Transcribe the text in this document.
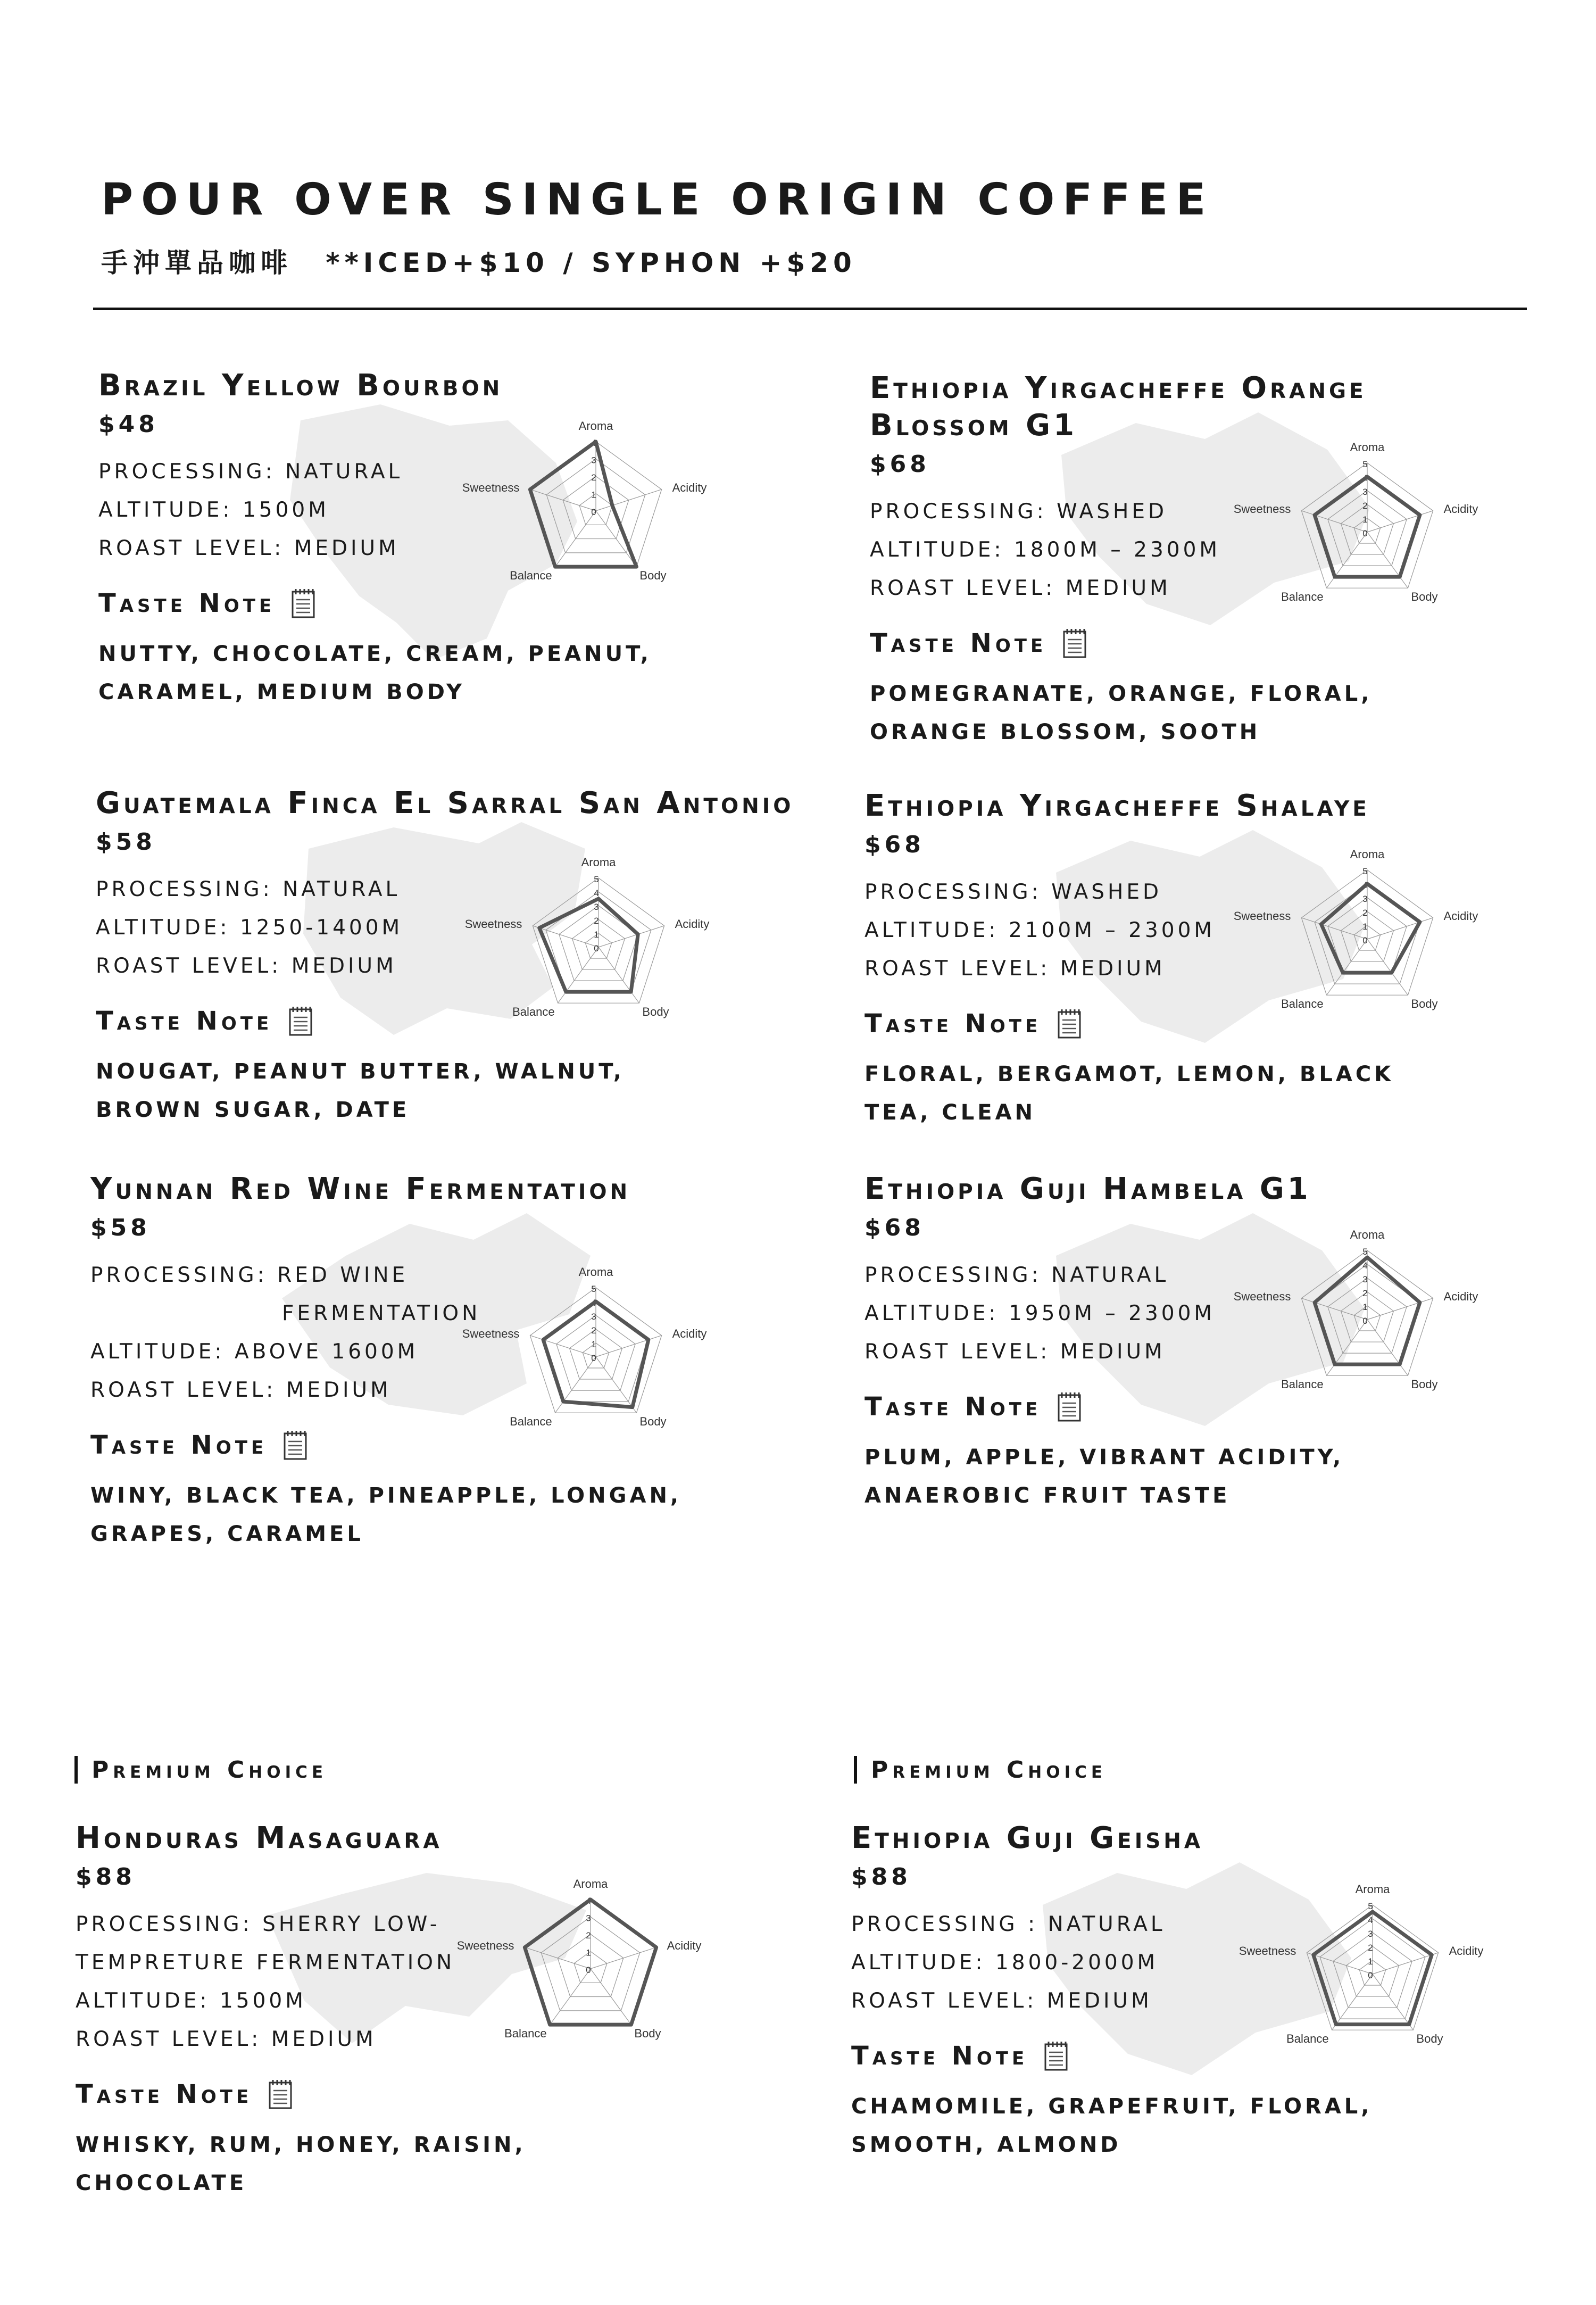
POUR OVER SINGLE ORIGIN COFFEE
手沖單品咖啡 **ICED+$10 / SYPHON +$20
Brazil Yellow Bourbon
$48
PROCESSING: NATURAL
ALTITUDE: 1500M
ROAST LEVEL: MEDIUM
Taste Note
NUTTY, CHOCOLATE, CREAM, PEANUT,
CARAMEL, MEDIUM BODY
4
3
2
1
0
Aroma
Acidity
Body
Balance
Sweetness
Ethiopia Yirgacheffe Orange
Blossom G1
$68
PROCESSING: WASHED
ALTITUDE: 1800M – 2300M
ROAST LEVEL: MEDIUM
Taste Note
POMEGRANATE, ORANGE, FLORAL,
ORANGE BLOSSOM, SOOTH
5
4
3
2
1
0
Aroma
Acidity
Body
Balance
Sweetness
Guatemala Finca El Sarral San Antonio
$58
PROCESSING: NATURAL
ALTITUDE: 1250-1400M
ROAST LEVEL: MEDIUM
Taste Note
NOUGAT, PEANUT BUTTER, WALNUT,
BROWN SUGAR, DATE
5
4
3
2
1
0
Aroma
Acidity
Body
Balance
Sweetness
Ethiopia Yirgacheffe Shalaye
$68
PROCESSING: WASHED
ALTITUDE: 2100M – 2300M
ROAST LEVEL: MEDIUM
Taste Note
FLORAL, BERGAMOT, LEMON, BLACK
TEA, CLEAN
5
4
3
2
1
0
Aroma
Acidity
Body
Balance
Sweetness
Yunnan Red Wine Fermentation
$58
PROCESSING: RED WINE
FERMENTATION
ALTITUDE: ABOVE 1600M
ROAST LEVEL: MEDIUM
Taste Note
WINY, BLACK TEA, PINEAPPLE, LONGAN,
GRAPES, CARAMEL
5
4
3
2
1
0
Aroma
Acidity
Body
Balance
Sweetness
Ethiopia Guji Hambela G1
$68
PROCESSING: NATURAL
ALTITUDE: 1950M – 2300M
ROAST LEVEL: MEDIUM
Taste Note
PLUM, APPLE, VIBRANT ACIDITY,
ANAEROBIC FRUIT TASTE
5
4
3
2
1
0
Aroma
Acidity
Body
Balance
Sweetness
Premium Choice	Premium Choice
Honduras Masaguara
$88
PROCESSING: SHERRY LOW-
TEMPRETURE FERMENTATION
ALTITUDE: 1500M
ROAST LEVEL: MEDIUM
Taste Note
WHISKY, RUM, HONEY, RAISIN,
CHOCOLATE
4
3
2
1
0
Aroma
Acidity
Body
Balance
Sweetness
Ethiopia Guji Geisha
$88
PROCESSING : NATURAL
ALTITUDE: 1800-2000M
ROAST LEVEL: MEDIUM
Taste Note
CHAMOMILE, GRAPEFRUIT, FLORAL,
SMOOTH, ALMOND
5
4
3
2
1
0
Aroma
Acidity
Body
Balance
Sweetness
